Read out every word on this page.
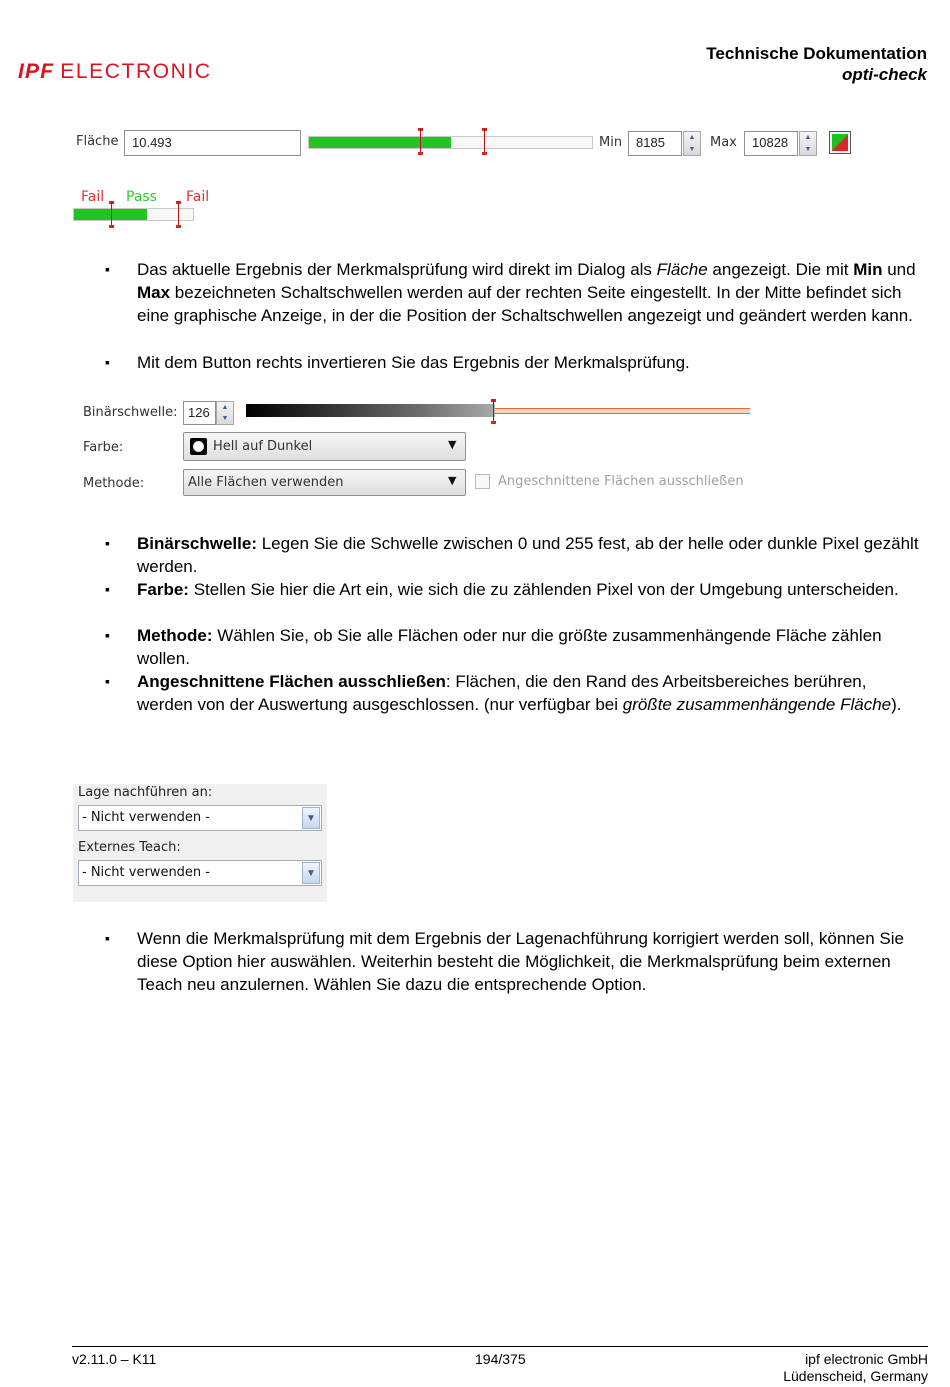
IPF ELECTRONIC
Technische Dokumentation
opti-check
Fläche	10.493	Min	8185	▲
▼ Max	10828	▲
▼
Fail Pass Fail
▪ Das aktuelle Ergebnis der Merkmalsprüfung wird direkt im Dialog als Fläche angezeigt. Die mit Min und Max bezeichneten Schaltschwellen werden auf der rechten Seite eingestellt. In der Mitte befindet sich eine graphische Anzeige, in der die Position der Schaltschwellen angezeigt und geändert werden kann.
▪ Mit dem Button rechts invertieren Sie das Ergebnis der Merkmalsprüfung.
Binärschwelle: 126	▲
▼
Farbe:	Hell auf Dunkel	▼
Methode:	Alle Flächen verwenden	▼	Angeschnittene Flächen ausschließen
▪ Binärschwelle: Legen Sie die Schwelle zwischen 0 und 255 fest, ab der helle oder dunkle Pixel gezählt werden.
▪ Farbe: Stellen Sie hier die Art ein, wie sich die zu zählenden Pixel von der Umgebung unterscheiden.
▪ Methode: Wählen Sie, ob Sie alle Flächen oder nur die größte zusammenhängende Fläche zählen wollen.
▪ Angeschnittene Flächen ausschließen: Flächen, die den Rand des Arbeitsbereiches berühren, werden von der Auswertung ausgeschlossen. (nur verfügbar bei größte zusammenhängende Fläche).
Lage nachführen an:
- Nicht verwenden -	▼
Externes Teach:
- Nicht verwenden -	▼
▪ Wenn die Merkmalsprüfung mit dem Ergebnis der Lagenachführung korrigiert werden soll, können Sie diese Option hier auswählen. Weiterhin besteht die Möglichkeit, die Merkmalsprüfung beim externen Teach neu anzulernen. Wählen Sie dazu die entsprechende Option.
v2.11.0 – K11	194/375	ipf electronic GmbH
Lüdenscheid, Germany
